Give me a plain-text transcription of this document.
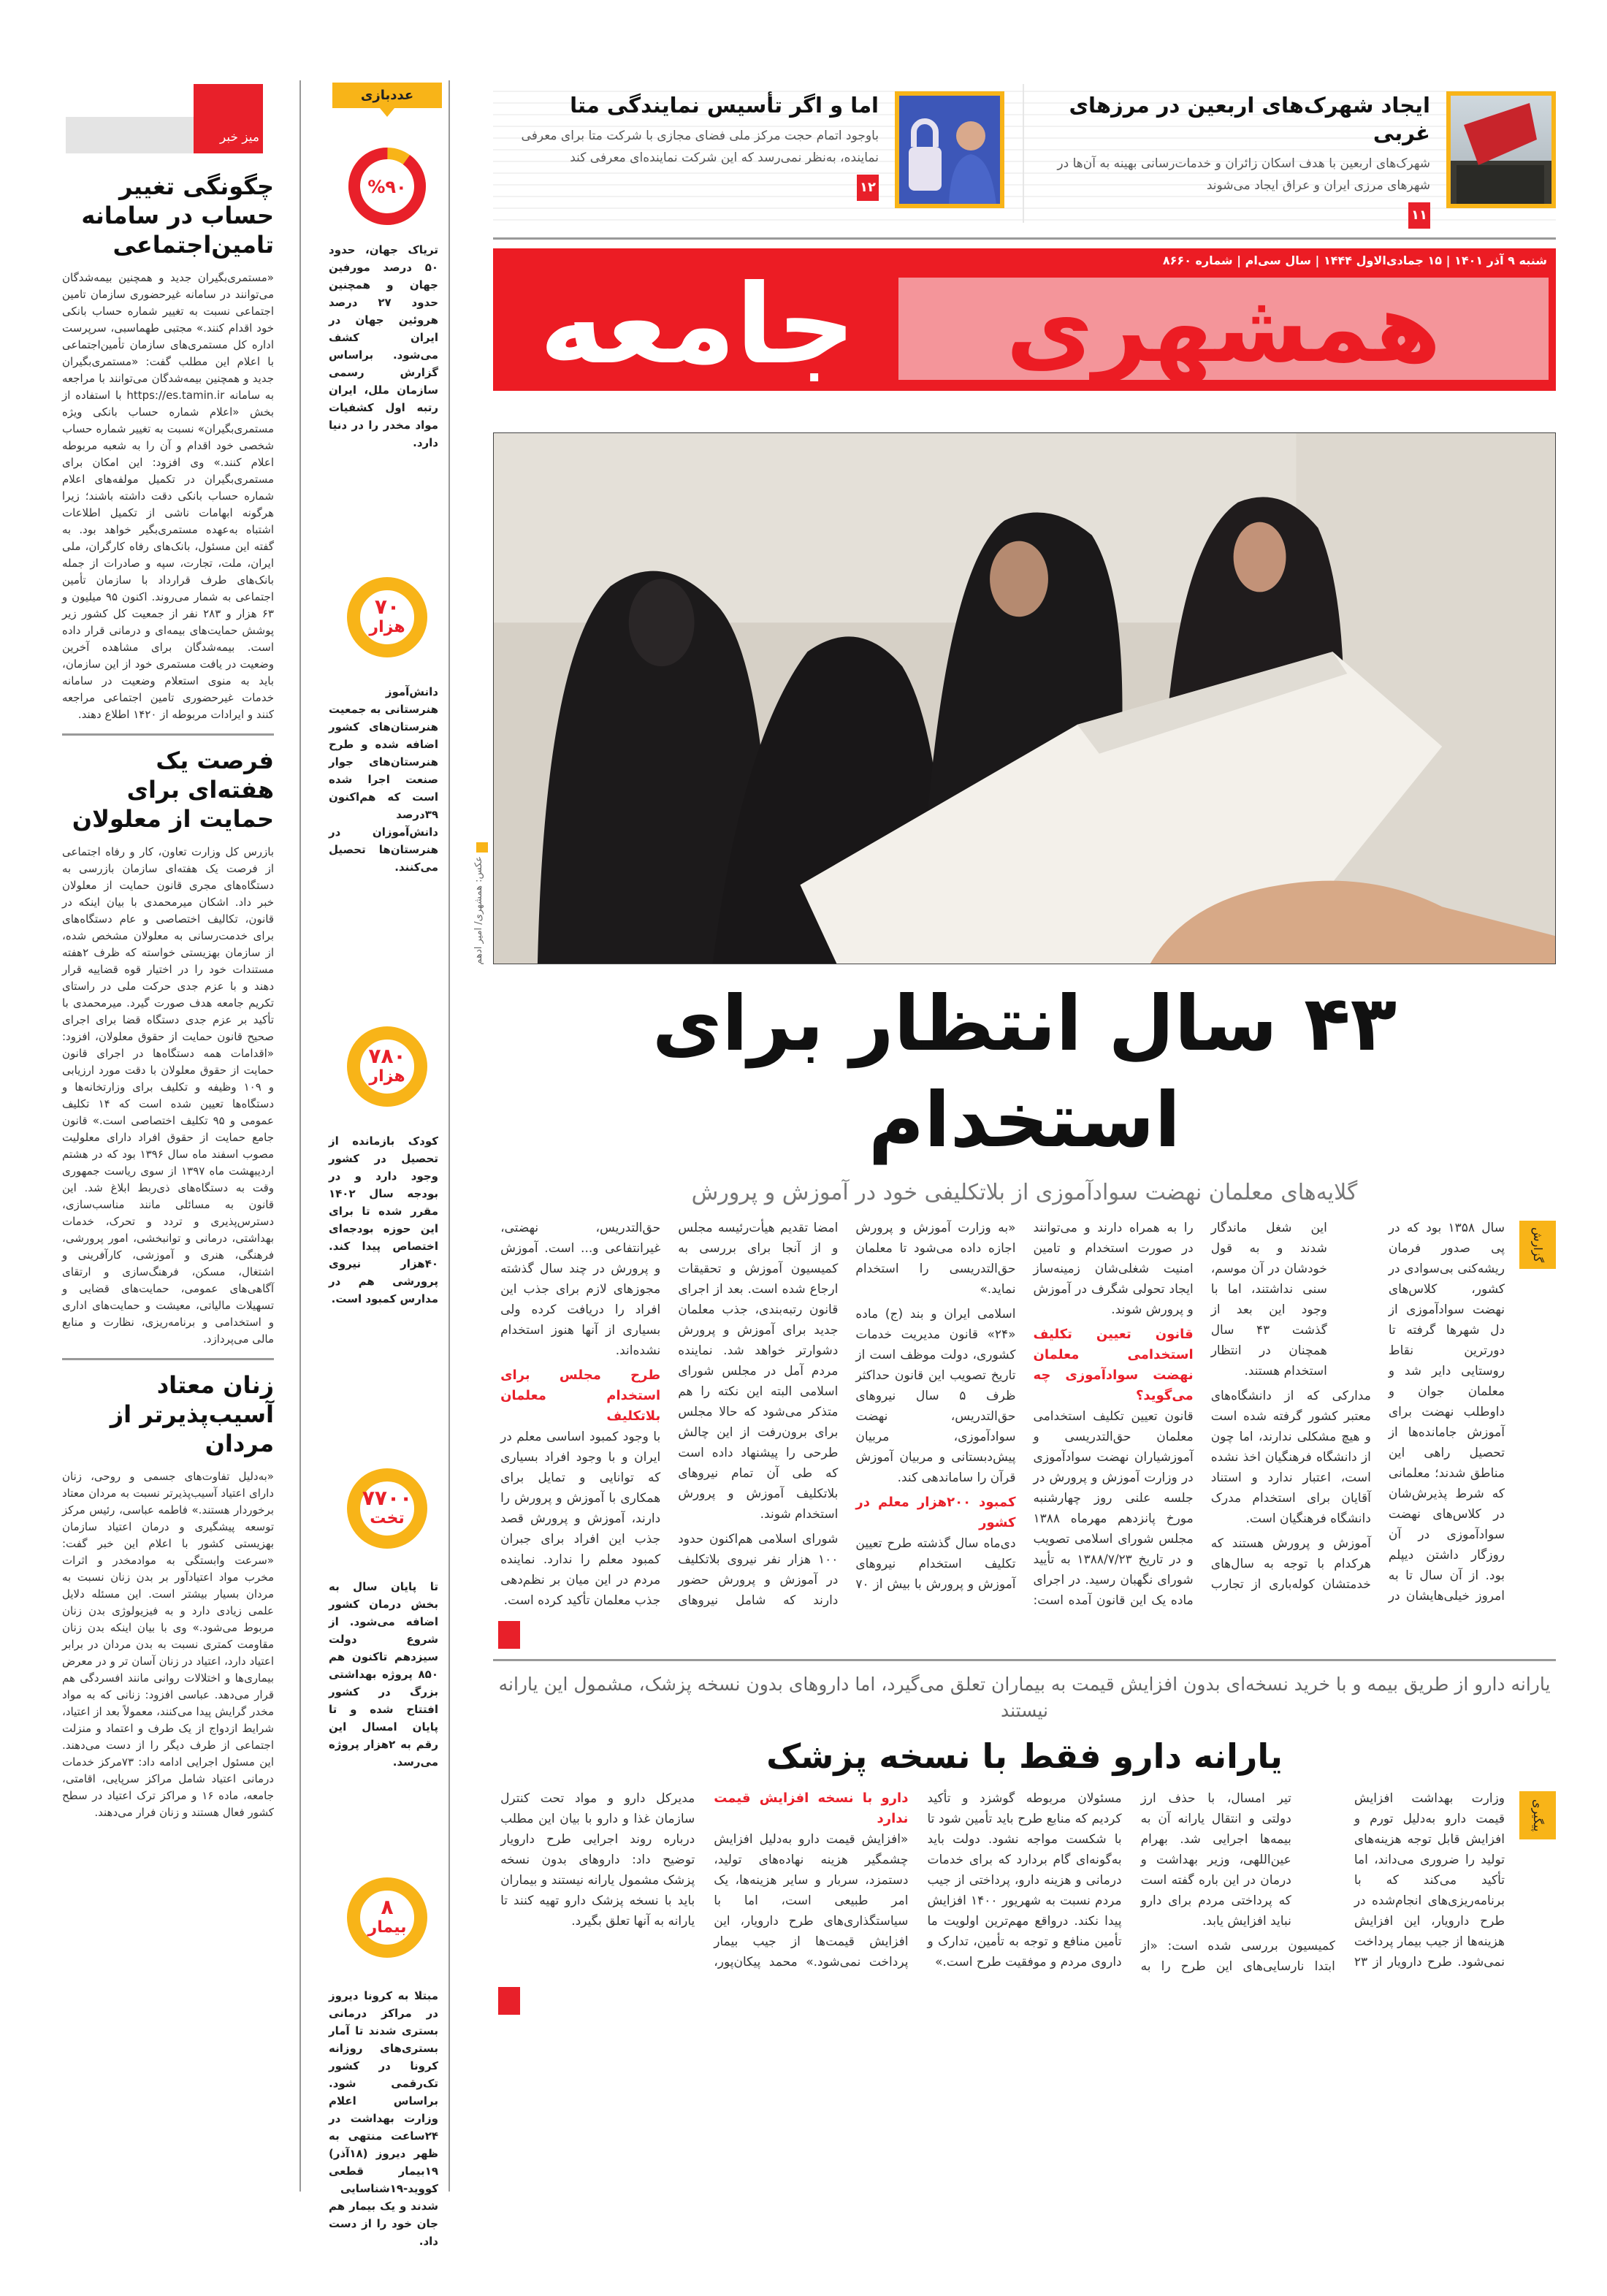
میز خبر
چگونگی تغییر حساب در سامانه تامین‌اجتماعی
«مستمری‌بگیران جدید و همچنین بیمه‌شدگان می‌توانند در سامانه غیرحضوری سازمان تامین اجتماعی نسبت به تغییر شماره حساب بانکی خود اقدام کنند.» مجتبی طهماسبی، سرپرست اداره کل مستمری‌های سازمان تأمین‌اجتماعی با اعلام این مطلب گفت: «مستمری‌بگیران جدید و همچنین بیمه‌شدگان می‌توانند با مراجعه به سامانه https://es.tamin.ir با استفاده از بخش «اعلام شماره حساب بانکی ویژه مستمری‌بگیران» نسبت به تغییر شماره حساب شخصی خود اقدام و آن را به شعبه مربوطه اعلام کنند.» وی افزود: این امکان برای مستمری‌بگیران در تکمیل مولفه‌های اعلام شماره حساب بانکی دقت داشته باشند؛ زیرا هرگونه ابهامات ناشی از تکمیل اطلاعات اشتباه به‌عهده مستمری‌بگیر خواهد بود. به گفته این مسئول، بانک‌های رفاه کارگران، ملی ایران، ملت، تجارت، سپه و صادرات از جمله بانک‌های طرف قرارداد با سازمان تأمین اجتماعی به شمار می‌روند. اکنون ۹۵ میلیون و ۶۳ هزار و ۲۸۳ نفر از جمعیت کل کشور زیر پوشش حمایت‌های بیمه‌ای و درمانی قرار داده است. بیمه‌شدگان برای مشاهده آخرین وضعیت در یافت مستمری خود از این سازمان، باید به منوی استعلام وضعیت در سامانه خدمات غیرحضوری تامین اجتماعی مراجعه کنند و ایرادات مربوطه از ۱۴۲۰ اطلاع دهند.
فرصت یک هفته‌ای برای حمایت از معلولان
بازرس کل وزارت تعاون، کار و رفاه اجتماعی از فرصت یک هفته‌ای سازمان بازرسی به دستگاه‌های مجری قانون حمایت از معلولان خبر داد. اشکان میرمحمدی با بیان اینکه در قانون، تکالیف اختصاصی و عام دستگاه‌های برای خدمت‌رسانی به معلولان مشخص شده، از سازمان بهزیستی خواسته که ظرف ۲هفته مستندات خود را در اختیار قوه قضاییه قرار دهند و با عزم جدی حرکت ملی در راستای تکریم جامعه هدف صورت گیرد. میرمحمدی با تأکید بر عزم جدی دستگاه قضا برای اجرای صحیح قانون حمایت از حقوق معلولان، افزود: «اقدامات همه دستگاه‌ها در اجرای قانون حمایت از حقوق معلولان با دقت مورد ارزیابی و ۱۰۹ وظیفه و تکلیف برای وزارتخانه‌ها و دستگاه‌ها تعیین شده است که ۱۴ تکلیف عمومی و ۹۵ تکلیف اختصاصی است.» قانون جامع حمایت از حقوق افراد دارای معلولیت مصوب اسفند ماه سال ۱۳۹۶ بود که در هشتم اردیبهشت ماه ۱۳۹۷ از سوی ریاست جمهوری وقت به دستگاه‌های ذی‌ربط ابلاغ شد. این قانون به مسائلی مانند مناسب‌سازی، دسترس‌پذیری و تردد و تحرک، خدمات بهداشتی، درمانی و توانبخشی، امور پرورشی، فرهنگی، هنری و آموزشی، کارآفرینی و اشتغال، مسکن، فرهنگ‌سازی و ارتقای آگاهی‌های عمومی، حمایت‌های قضایی و تسهیلات مالیاتی، معیشت و حمایت‌های اداری و استخدامی و برنامه‌ریزی، نظارت و منابع مالی می‌پردازد.
زنان معتاد آسیب‌پذیرتر از مردان
«به‌دلیل تفاوت‌های جسمی و روحی، زنان دارای اعتیاد آسیب‌پذیرتر نسبت به مردان معتاد برخوردار هستند.» فاطمه عباسی، رئیس مرکز توسعه پیشگیری و درمان اعتیاد سازمان بهزیستی کشور با اعلام این خبر گفت: «سرعت وابستگی به موادمخدر و اثرات مخرب مواد اعتیادآور بر بدن زنان نسبت به مردان بسیار بیشتر است. این مسئله دلایل علمی زیادی دارد و به فیزیولوژی بدن زنان مربوط می‌شود.» وی با بیان اینکه بدن زنان مقاومت کمتری نسبت به بدن مردان در برابر اعتیاد دارد، اعتیاد در زنان آسان تر و در معرض بیماری‌ها و اختلالات روانی مانند افسردگی هم قرار می‌دهد. عباسی افزود: زنانی که به مواد مخدر گرایش پیدا می‌کنند، معمولاً بعد از اعتیاد، شرایط ازدواج از یک طرف و اعتماد و منزلت اجتماعی از طرف دیگر را از دست می‌دهند. این مسئول اجرایی ادامه داد: ۷۳مرکز خدمات درمانی اعتیاد شامل مراکز سرپایی، اقامتی، جامعه، ماده ۱۶ و مراکز ترک اعتیاد در سطح کشور فعال هستند و زنان فرار می‌دهند.
عددبازی
%۹۰
تریاک جهان، حدود ۵۰ درصد مورفین جهان و همچنین حدود ۲۷ درصد هروئین جهان در ایران کشف می‌شود. براساس گزارش رسمی سازمان ملل، ایران رتبه اول کشفیات مواد مخدر را در دنیا دارد.
۷۰
هزار
دانش‌آموز هنرستانی به جمعیت هنرستان‌های کشور اضافه شده و طرح هنرستان‌های جوار صنعت اجرا شده است که هم‌اکنون ۳۹درصد دانش‌آموزان در هنرستان‌ها تحصیل می‌کنند.
۷۸۰
هزار
کودک بازمانده از تحصیل در کشور وجود دارد و در بودجه سال ۱۴۰۲ مقرر شده تا برای این حوزه بودجه‌ای اختصاص پیدا کند. ۴۰هزار نیروی پرورشی هم در مدارس کمبود است.
۷۷۰۰
تخت
تا پایان سال به بخش درمان کشور اضافه می‌شود. از شروع دولت سیزدهم تاکنون هم ۸۵۰ پروژه بهداشتی بزرگ در کشور افتتاح شده و تا پایان امسال این رقم به ۲هزار پروژه می‌رسد.
۸
بیمار
مبتلا به کرونا دیروز در مراکز درمانی بستری شدند تا آمار بستری‌های روزانه کرونا در کشور تک‌رقمی شود. براساس اعلام وزارت بهداشت در ۲۴ساعت منتهی به ظهر دیروز (۱۸آذر) ۱۹بیمار قطعی کووید-۱۹شناسایی شدند و یک بیمار هم جان خود را از دست داد.
ایجاد شهرک‌های اربعین در مرزهای غربی
شهرک‌های اربعین با هدف اسکان زائران و خدمات‌رسانی بهینه به آن‌ها در شهرهای مرزی ایران و عراق ایجاد می‌شوند
۱۱
اما و اگر تأسیس نمایندگی متا
باوجود اتمام حجت مرکز ملی فضای مجازی با شرکت متا برای معرفی نماینده، به‌نظر نمی‌رسد که این شرکت نماینده‌ای معرفی کند
۱۲
همشهری
جامعه
شنبه ۹ آذر ۱۴۰۱ | ۱۵ جمادی‌الاول ۱۴۴۴ | سال سی‌ام | شماره ۸۶۶۰
عکس: همشهری/ امیر ادهم
۴۳ سال انتظار برای استخدام
گلایه‌های معلمان نهضت سوادآموزی از بلاتکلیفی خود در آموزش و پرورش
گزارش

سال ۱۳۵۸ بود که در پی صدور فرمان ریشه‌کنی بی‌سوادی در کشور، کلاس‌های نهضت سوادآموزی از دل شهرها گرفته تا دورترین نقاط روستایی دایر شد و معلمان جوان و داوطلب نهضت برای آموزش جامانده‌ها از تحصیل راهی این مناطق شدند؛ معلمانی که شرط پذیرش‌شان در کلاس‌های نهضت سوادآموزی در آن روزگار داشتن دیپلم بود. از آن سال تا به امروز خیلی‌هایشان در این شغل ماندگار شدند و به قول خودشان در آن موسم، سنی نداشتند، اما با وجود این بعد از گذشت ۴۳ سال همچنان در انتظار استخدام هستند.

مدارکی که از دانشگاه‌های معتبر کشور گرفته شده است و هیچ مشکلی ندارند، اما چون از دانشگاه فرهنگیان اخذ نشده است، اعتبار ندارد و استناد آقایان برای استخدام مدرک دانشگاه فرهنگیان است.

آموزش و پرورش هستند که هرکدام با توجه به سال‌های خدمتشان کوله‌باری از تجارب را به همراه دارند و می‌توانند در صورت استخدام و تامین امنیت شغلی‌شان زمینه‌ساز ایجاد تحولی شگرف در آموزش و پرورش شوند.

قانون تعیین تکلیف استخدامی معلمان نهضت سوادآموزی چه می‌گوید؟

قانون تعیین تکلیف استخدامی معلمان حق‌التدریسی و آموزشیاران نهضت سوادآموزی در وزارت آموزش و پرورش در جلسه علنی روز چهارشنبه مورخ پانزدهم مهرماه ۱۳۸۸ مجلس شورای اسلامی تصویب و در تاریخ ۱۳۸۸/۷/۲۳ به تأیید شورای نگهبان رسید. در اجرای ماده یک این قانون آمده است: «به وزارت آموزش و پرورش اجازه داده می‌شود تا معلمان حق‌التدریسی را استخدام نماید.»

اسلامی ایران و بند (ج) ماده «۲۴» قانون مدیریت خدمات کشوری، دولت موظف است از تاریخ تصویب این قانون حداکثر ظرف ۵ سال نیروهای حق‌التدریس، نهضت سوادآموزی، مربیان پیش‌دبستانی و مربیان آموزش قرآن را ساماندهی کند.

کمبود ۲۰۰هزار معلم در کشور

دی‌ماه سال گذشته طرح تعیین تکلیف استخدام نیروهای آموزش و پرورش با بیش از ۷۰ امضا تقدیم هیأت‌رئیسه مجلس و از آنجا برای بررسی به کمیسیون آموزش و تحقیقات ارجاع شده است. بعد از اجرای قانون رتبه‌بندی، جذب معلمان جدید برای آموزش و پرورش دشوارتر خواهد شد. نماینده مردم آمل در مجلس شورای اسلامی البته این نکته را هم متذکر می‌شود که حالا مجلس برای برون‌رفت از این چالش طرحی را پیشنهاد داده است که طی آن تمام نیروهای بلاتکلیف آموزش و پرورش استخدام شوند.

شورای اسلامی هم‌اکنون حدود ۱۰۰ هزار نفر نیروی بلاتکلیف در آموزش و پرورش حضور دارند که شامل نیروهای حق‌التدریس، نهضتی، غیرانتفاعی و... است. آموزش و پرورش در چند سال گذشته مجوزهای لازم برای جذب این افراد را دریافت کرده ولی بسیاری از آنها هنوز استخدام نشده‌اند.

طرح مجلس برای استخدام معلمان بلاتکلیف

با وجود کمبود اساسی معلم در ایران و با وجود افراد بسیاری که توانایی و تمایل برای همکاری با آموزش و پرورش را دارند، آموزش و پرورش قصد جذب این افراد برای جبران کمبود معلم را ندارد. نماینده مردم در این میان بر نظم‌دهی جذب معلمان تأکید کرده است.

یارانه دارو از طریق بیمه و با خرید نسخه‌ای بدون افزایش قیمت به بیماران تعلق می‌گیرد، اما داروهای بدون نسخه پزشک، مشمول این یارانه نیستند
یارانه دارو فقط با نسخه پزشک
پیگیری

وزارت بهداشت افزایش قیمت دارو به‌دلیل تورم و افزایش قابل توجه هزینه‌های تولید را ضروری می‌داند، اما تأکید می‌کند که با برنامه‌ریزی‌های انجام‌شده در طرح دارویار، این افزایش هزینه‌ها از جیب بیمار پرداخت نمی‌شود. طرح دارویار از ۲۳ تیر امسال، با حذف ارز دولتی و انتقال یارانه آن به بیمه‌ها اجرایی شد. بهرام عین‌اللهی، وزیر بهداشت و درمان در این باره گفته است که پرداختی مردم برای دارو نباید افزایش یابد.

کمیسیون بررسی شده است: «از ابتدا نارسایی‌های این طرح را به مسئولان مربوطه گوشزد و تأکید کردیم که منابع طرح باید تأمین شود تا با شکست مواجه نشود. دولت باید به‌گونه‌ای گام بردارد که برای خدمات درمانی و هزینه دارو، پرداختی از جیب مردم نسبت به شهریور ۱۴۰۰ افزایش پیدا نکند. درواقع مهم‌ترین اولویت ما تأمین منافع و توجه به تأمین، تدارک و داروی مردم و موفقیت طرح است.»

دارو با نسخه افزایش قیمت ندارد

«افزایش قیمت دارو به‌دلیل افزایش چشمگیر هزینه نهاده‌های تولید، دستمزد، سربار و سایر هزینه‌ها، یک امر طبیعی است، اما با سیاستگذاری‌های طرح دارویار، این افزایش قیمت‌ها از جیب بیمار پرداخت نمی‌شود.» محمد پیکان‌پور، مدیرکل دارو و مواد تحت کنترل سازمان غذا و دارو با بیان این مطلب درباره روند اجرایی طرح دارویار توضیح داد: داروهای بدون نسخه پزشک مشمول یارانه نیستند و بیماران باید با نسخه پزشک دارو تهیه کنند تا یارانه به آنها تعلق بگیرد.
